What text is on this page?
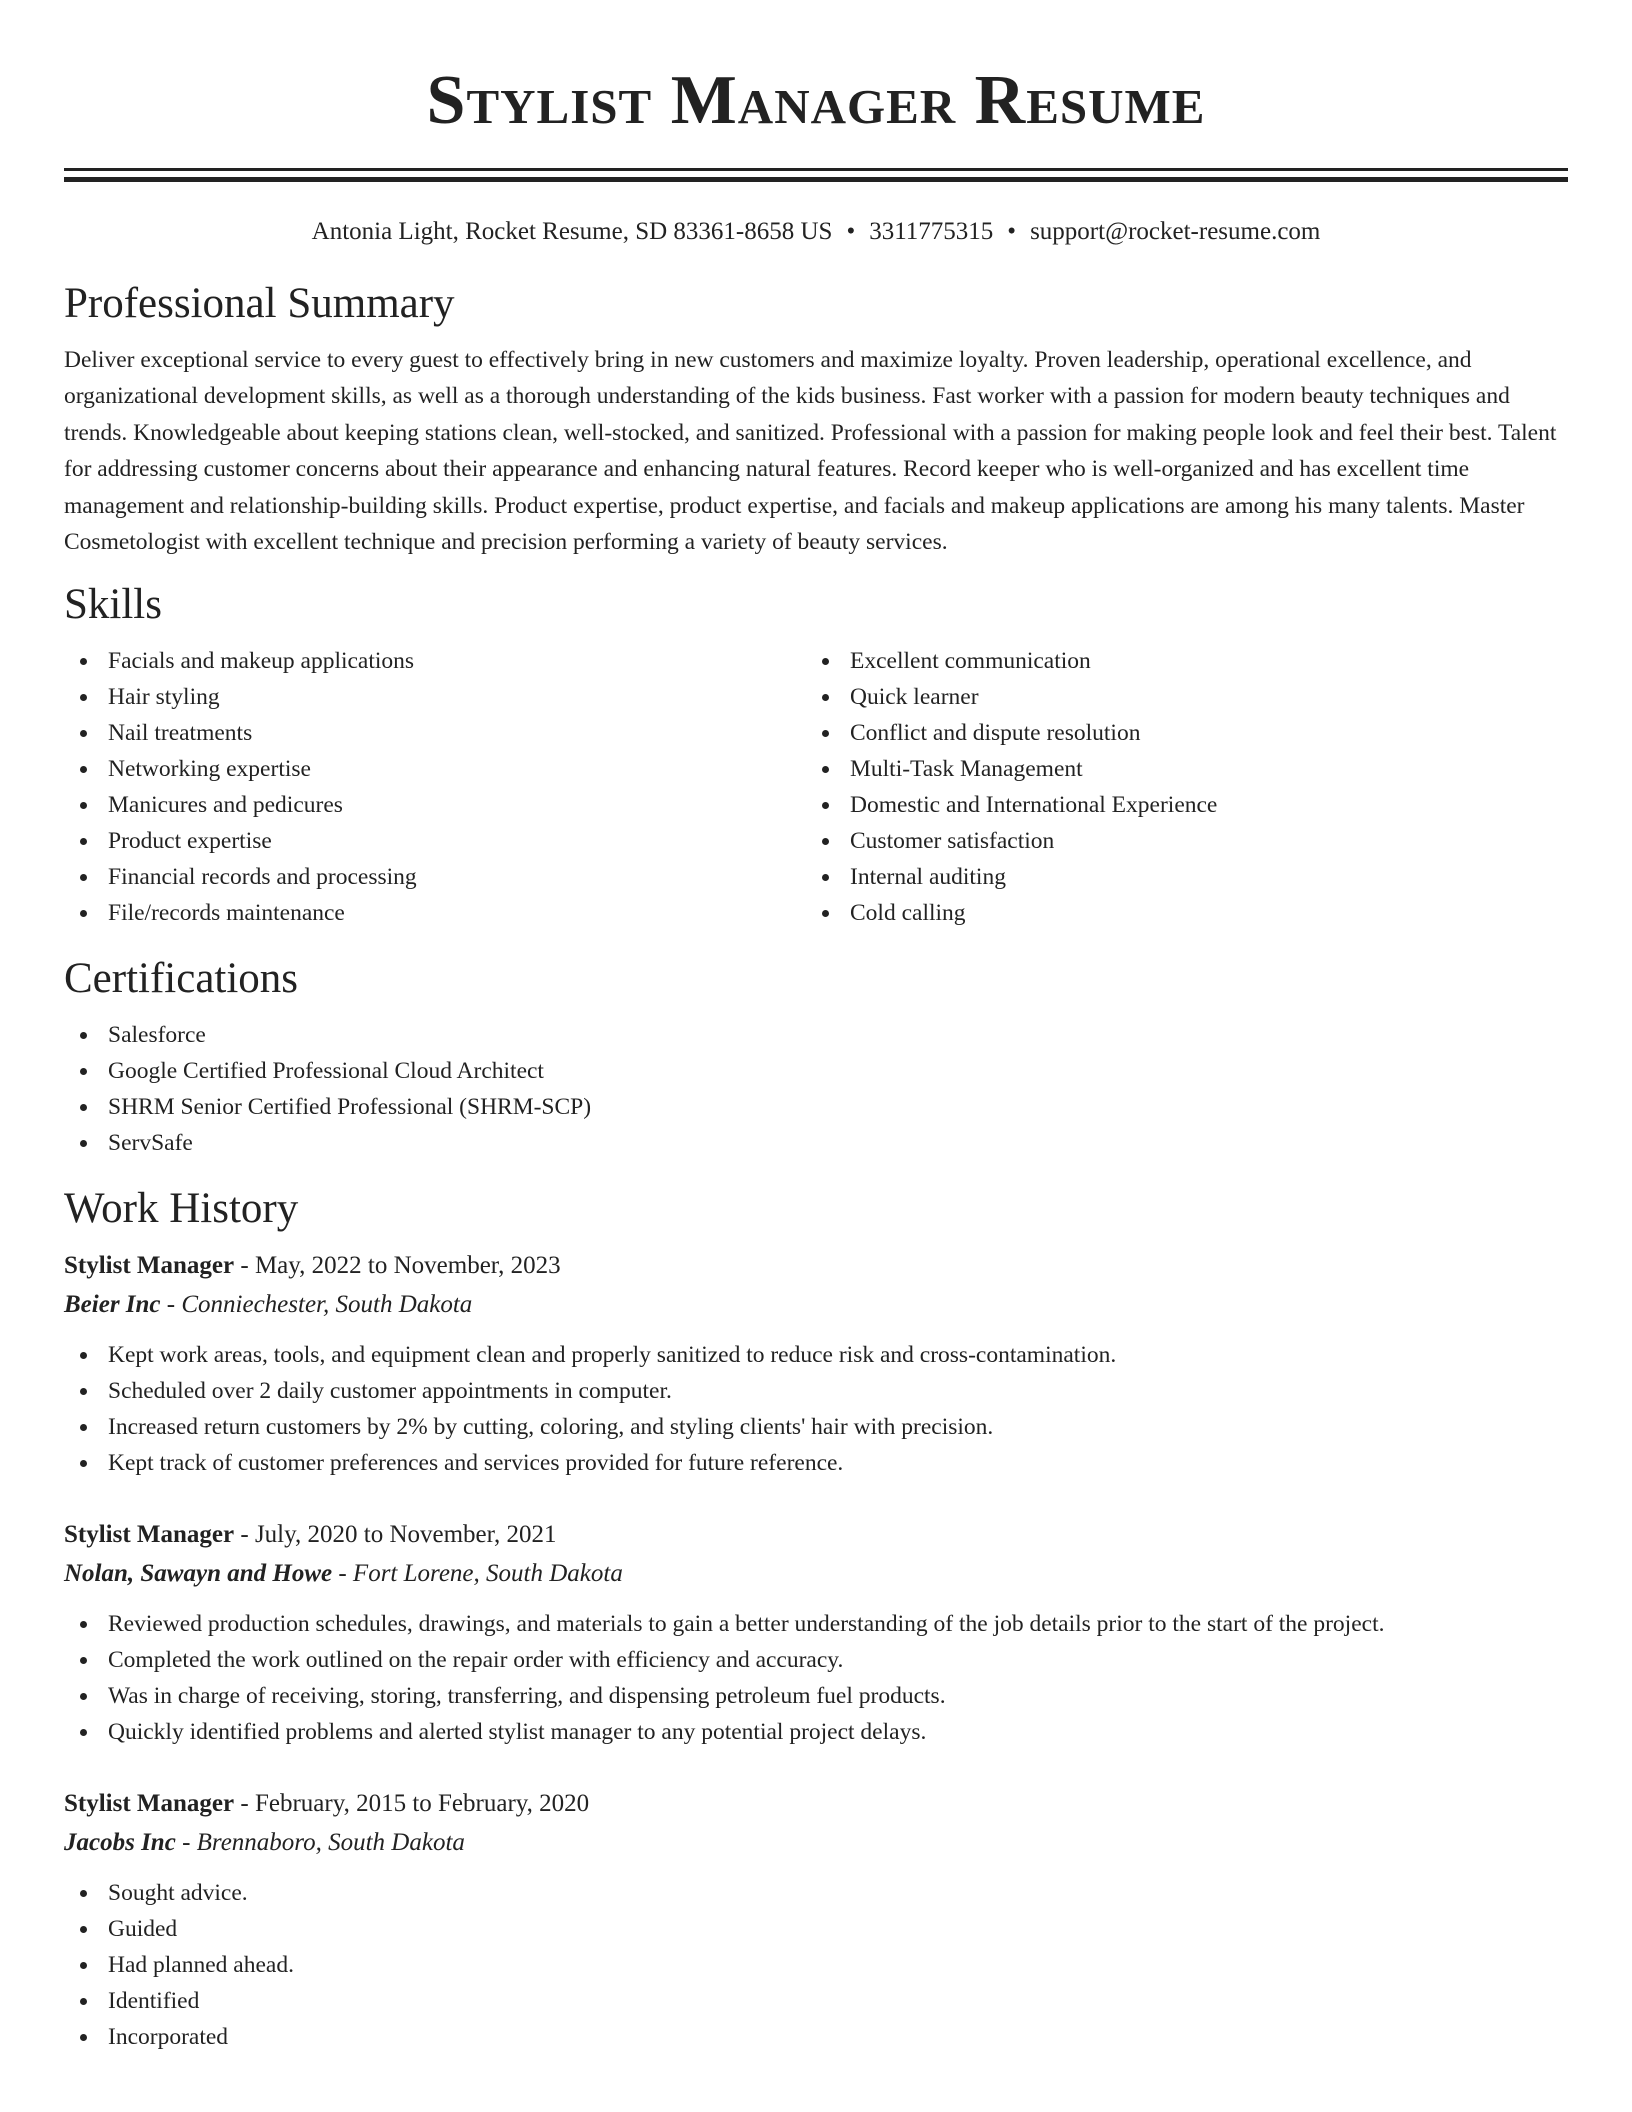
Stylist Manager Resume
Antonia Light, Rocket Resume, SD 83361-8658 US • 3311775315 • support@rocket-resume.com
Professional Summary

Deliver exceptional service to every guest to effectively bring in new customers and maximize loyalty. Proven leadership, operational excellence, and organizational development skills, as well as a thorough understanding of the kids business. Fast worker with a passion for modern beauty techniques and trends. Knowledgeable about keeping stations clean, well-stocked, and sanitized. Professional with a passion for making people look and feel their best. Talent for addressing customer concerns about their appearance and enhancing natural features. Record keeper who is well-organized and has excellent time management and relationship-building skills. Product expertise, product expertise, and facials and makeup applications are among his many talents. Master Cosmetologist with excellent technique and precision performing a variety of beauty services.

Skills
Facials and makeup applications
Hair styling
Nail treatments
Networking expertise
Manicures and pedicures
Product expertise
Financial records and processing
File/records maintenance
Excellent communication
Quick learner
Conflict and dispute resolution
Multi-Task Management
Domestic and International Experience
Customer satisfaction
Internal auditing
Cold calling
Certifications
Salesforce
Google Certified Professional Cloud Architect
SHRM Senior Certified Professional (SHRM-SCP)
ServSafe
Work History
Stylist Manager - May, 2022 to November, 2023
Beier Inc - Conniechester, South Dakota
Kept work areas, tools, and equipment clean and properly sanitized to reduce risk and cross-contamination.
Scheduled over 2 daily customer appointments in computer.
Increased return customers by 2% by cutting, coloring, and styling clients' hair with precision.
Kept track of customer preferences and services provided for future reference.
Stylist Manager - July, 2020 to November, 2021
Nolan, Sawayn and Howe - Fort Lorene, South Dakota
Reviewed production schedules, drawings, and materials to gain a better understanding of the job details prior to the start of the project.
Completed the work outlined on the repair order with efficiency and accuracy.
Was in charge of receiving, storing, transferring, and dispensing petroleum fuel products.
Quickly identified problems and alerted stylist manager to any potential project delays.
Stylist Manager - February, 2015 to February, 2020
Jacobs Inc - Brennaboro, South Dakota
Sought advice.
Guided
Had planned ahead.
Identified
Incorporated
